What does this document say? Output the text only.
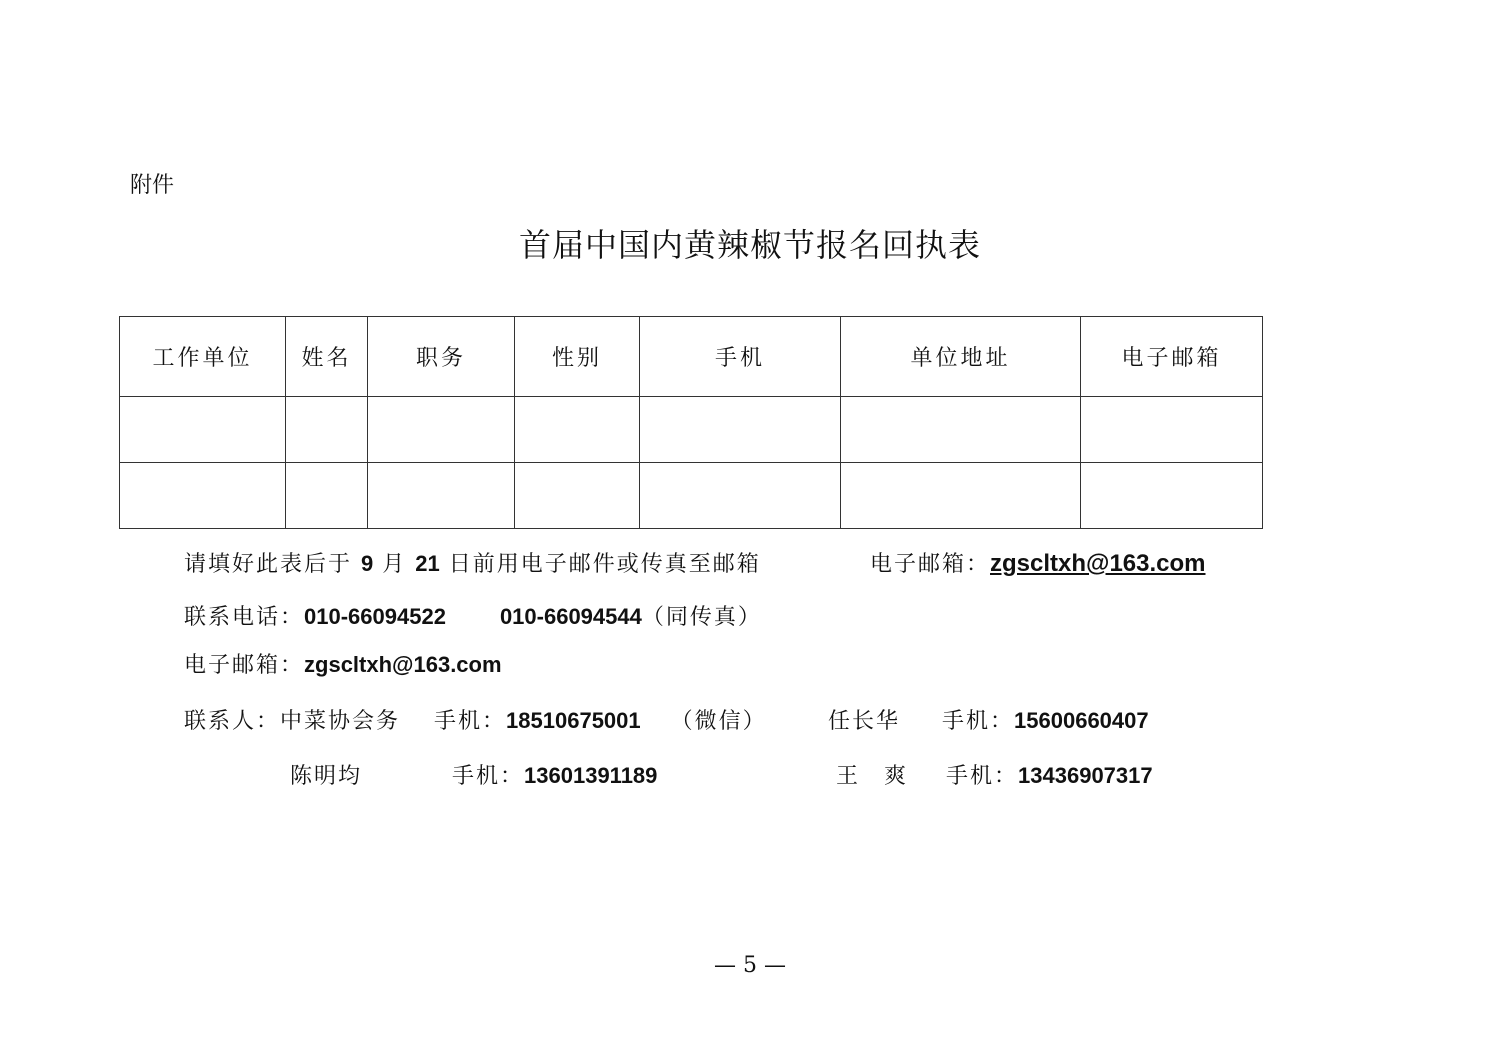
附件
首届中国内黄辣椒节报名回执表
工作单位	姓名	职务	性别	手机	单位地址	电子邮箱

请填好此表后于 9 月 21 日前用电子邮件或传真至邮箱	电子邮箱：zgscltxh@163.com
联系电话：010-66094522 010-66094544（同传真）
电子邮箱：zgscltxh@163.com
联系人：中菜协会务 手机：18510675001 （微信）	任长华 手机：15600660407
陈明均	手机：13601391189	王　爽 手机：13436907317
— 5 —
